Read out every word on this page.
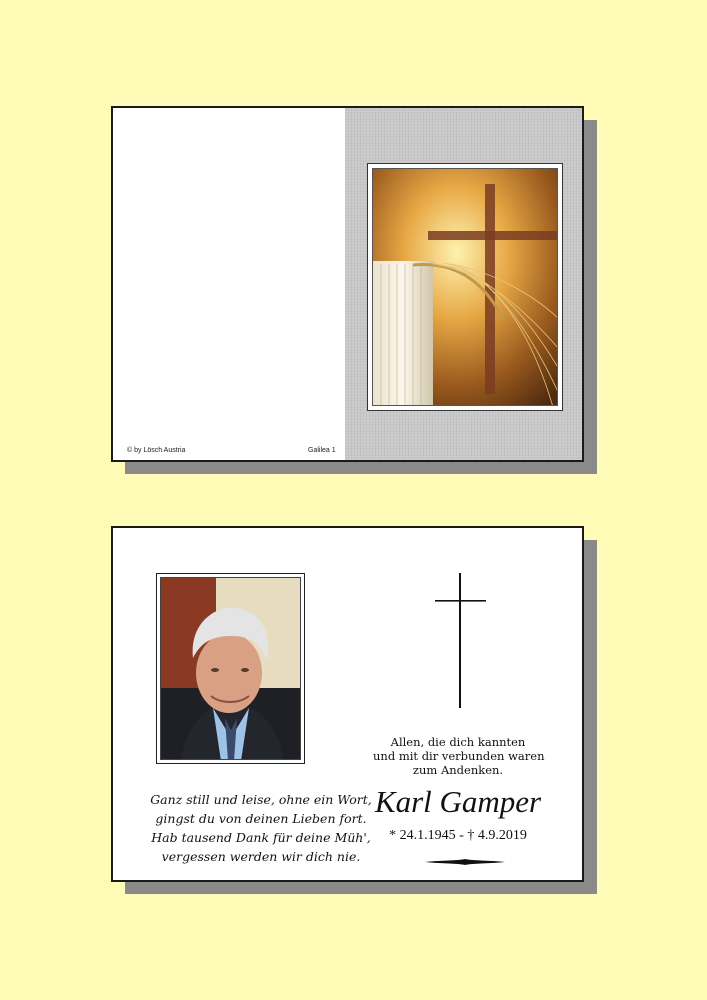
© by Lösch Austria	Galilea 1
Ganz still und leise, ohne ein Wort,
gingst du von deinen Lieben fort.
Hab tausend Dank für deine Müh',
vergessen werden wir dich nie.
Allen, die dich kannten
und mit dir verbunden waren
zum Andenken.
Karl Gamper
* 24.1.1945 - † 4.9.2019
